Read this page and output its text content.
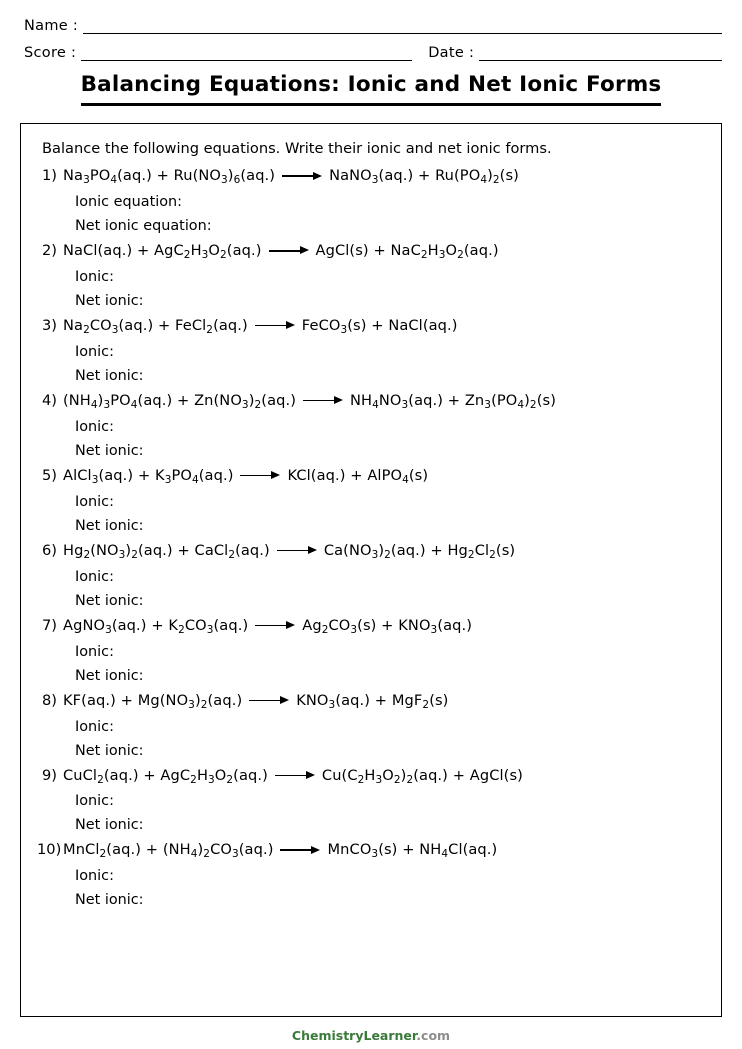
Name :
Score :	Date :
Balancing Equations: Ionic and Net Ionic Forms
Balance the following equations. Write their ionic and net ionic forms.
1) $Na_3PO_4(aq.) + Ru(NO_3)_6(aq.)$	NaNO$_3$(aq.) + $Ru(PO_4)_2(s)$
Ionic equation:
Net ionic equation:
2) NaCl(aq.) + $AgC_2H_3O_2(aq.)$	AgCl(s) + $NaC_2H_3O_2(aq.)$
Ionic:
Net ionic:
3) $Na_2CO_3(aq.)$ + FeCl$_2$(aq.)	FeCO$_3$(s) + NaCl(aq.)
Ionic:
Net ionic:
4) $(NH_4)_3PO_4(aq.) + Zn(NO_3)_2(aq.)$	$NH_4NO_3(aq.) + Zn_3(PO_4)_2(s)$
Ionic:
Net ionic:
5) AlCl$_3$(aq.) + $K_3PO_4(aq.)$	KCl(aq.) + AlPO$_4$(s)
Ionic:
Net ionic:
6) $Hg_2(NO_3)_2(aq.)$ + CaCl$_2$(aq.)	$Ca(NO_3)_2(aq.) + Hg_2Cl_2(s)$
Ionic:
Net ionic:
7) AgNO$_3$(aq.) + $K_2CO_3(aq.)$	$Ag_2CO_3(s) + KNO_3(aq.)$
Ionic:
Net ionic:
8) $KF(aq.) + Mg(NO_3)_2(aq.)$	$KNO_3(aq.) + MgF_2(s)$
Ionic:
Net ionic:
9) CuCl$_2$(aq.) + $AgC_2H_3O_2(aq.)$	$Cu(C_2H_3O_2)_2(aq.)$ + AgCl(s)
Ionic:
Net ionic:
10) MnCl$_2$(aq.) + $(NH_4)_2CO_3(aq.)$	MnCO$_3$(s) + $NH_4Cl(aq.)$
Ionic:
Net ionic:
ChemistryLearner.com
